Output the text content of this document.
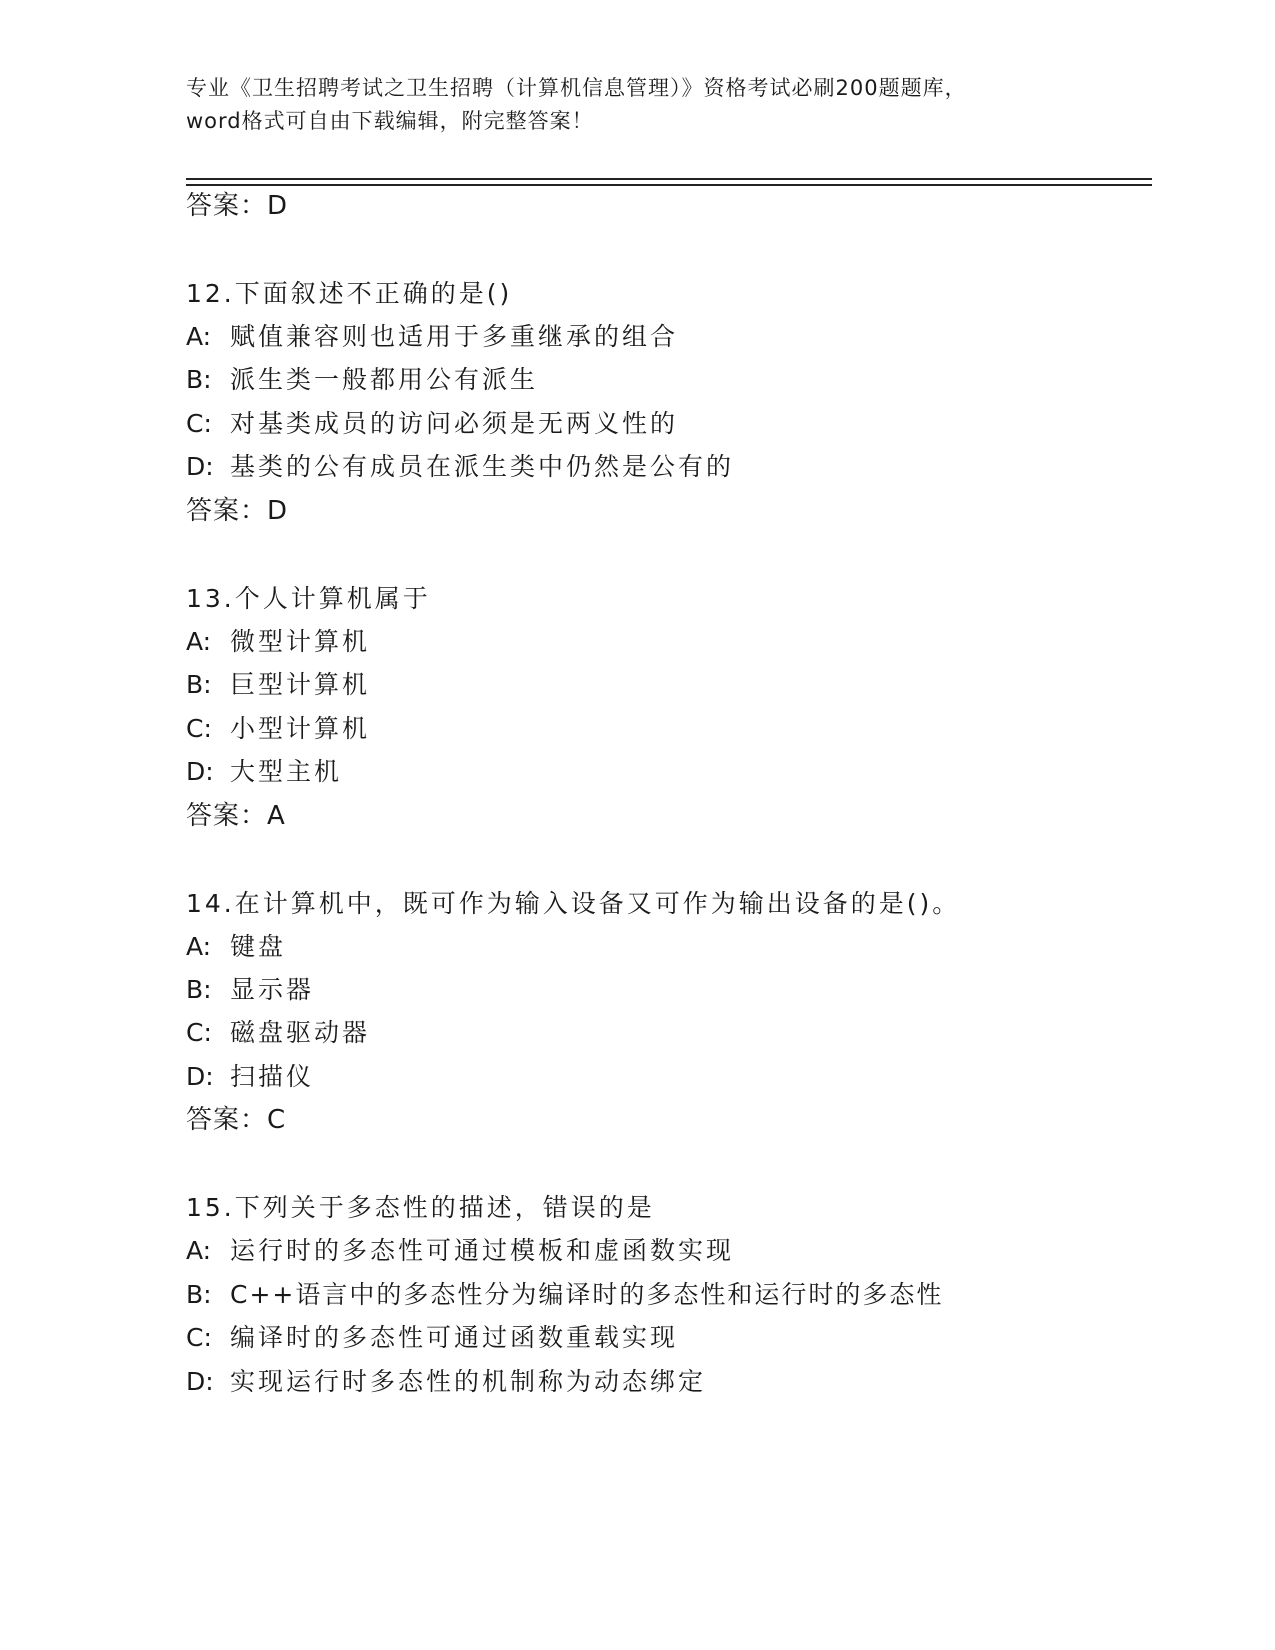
专业《卫生招聘考试之卫生招聘（计算机信息管理）》资格考试必刷200题题库，
word格式可自由下载编辑，附完整答案！
答案：D
12.下面叙述不正确的是()
A: 赋值兼容则也适用于多重继承的组合
B: 派生类一般都用公有派生
C: 对基类成员的访问必须是无两义性的
D: 基类的公有成员在派生类中仍然是公有的
答案：D
13.个人计算机属于
A: 微型计算机
B: 巨型计算机
C: 小型计算机
D: 大型主机
答案：A
14.在计算机中，既可作为输入设备又可作为输出设备的是()。
A: 键盘
B: 显示器
C: 磁盘驱动器
D: 扫描仪
答案：C
15.下列关于多态性的描述，错误的是
A: 运行时的多态性可通过模板和虚函数实现
B: C++语言中的多态性分为编译时的多态性和运行时的多态性
C: 编译时的多态性可通过函数重载实现
D: 实现运行时多态性的机制称为动态绑定
